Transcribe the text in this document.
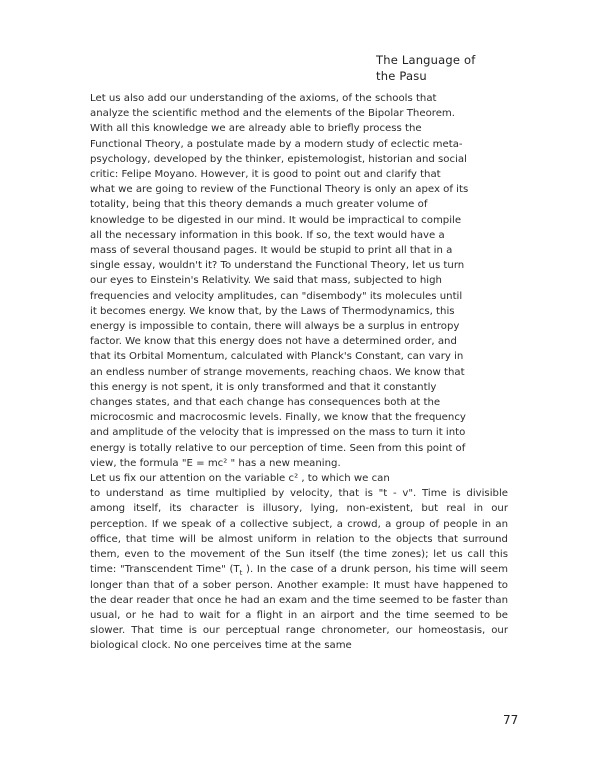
The Language of
the Pasu

Let us also add our understanding of the axioms, of the schools that
analyze the scientific method and the elements of the Bipolar Theorem.
With all this knowledge we are already able to briefly process the
Functional Theory, a postulate made by a modern study of eclectic meta-
psychology, developed by the thinker, epistemologist, historian and social
critic: Felipe Moyano. However, it is good to point out and clarify that
what we are going to review of the Functional Theory is only an apex of its
totality, being that this theory demands a much greater volume of
knowledge to be digested in our mind. It would be impractical to compile
all the necessary information in this book. If so, the text would have a
mass of several thousand pages. It would be stupid to print all that in a
single essay, wouldn't it? To understand the Functional Theory, let us turn
our eyes to Einstein's Relativity. We said that mass, subjected to high
frequencies and velocity amplitudes, can "disembody" its molecules until
it becomes energy. We know that, by the Laws of Thermodynamics, this
energy is impossible to contain, there will always be a surplus in entropy
factor. We know that this energy does not have a determined order, and
that its Orbital Momentum, calculated with Planck's Constant, can vary in
an endless number of strange movements, reaching chaos. We know that
this energy is not spent, it is only transformed and that it constantly
changes states, and that each change has consequences both at the
microcosmic and macrocosmic levels. Finally, we know that the frequency
and amplitude of the velocity that is impressed on the mass to turn it into
energy is totally relative to our perception of time. Seen from this point of
view, the formula "E = mc² " has a new meaning.
Let us fix our attention on the variable c² , to which we can

to understand as time multiplied by velocity, that is "t - v". Time is divisible among itself, its character is illusory, lying, non-existent, but real in our perception. If we speak of a collective subject, a crowd, a group of people in an office, that time will be almost uniform in relation to the objects that surround them, even to the movement of the Sun itself (the time zones); let us call this time: "Transcendent Time" ($T_t$ ). In the case of a drunk person, his time will seem longer than that of a sober person. Another example: It must have happened to the dear reader that once he had an exam and the time seemed to be faster than usual, or he had to wait for a flight in an airport and the time seemed to be slower. That time is our perceptual range chronometer, our homeostasis, our biological clock. No one perceives time at the same

77
